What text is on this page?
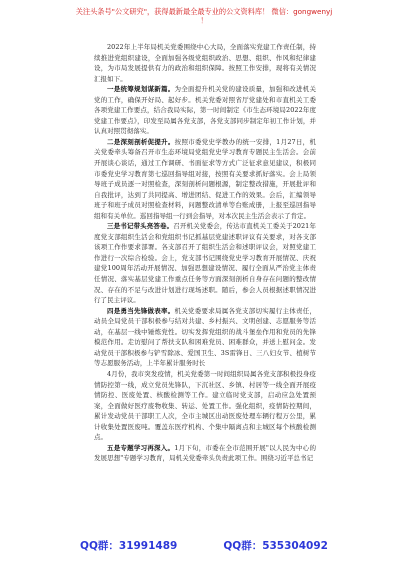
关注头条号"公文研究"，获得最新最全最专业的公文资料库！ 微信：gongwenyj
！

2022年上半年局机关党委围绕中心大局，全面落实党建工作责任制，持续推进党组织建设，全面加强各级党组织政治、思想、组织、作风和纪律建设，为市局发展提供有力的政治和组织保障。按照工作安排，现将有关情况汇报如下。

一是统筹规划谋新篇。为全面提升机关党的建设质量，加强和改进机关党的工作，确保开好局、起好步。机关党委对照省厅党建处和市直机关工委各项党建工作要点，结合我局实际，第一时间制定《市生态环境局2022年度党建工作要点》，印发至局属各党支部，各党支部同步制定年初工作计划，并认真对照贯彻落实。

二是深刻剖析促提升。按照市委党史学教办的统一安排，1月27日，机关党委牵头筹备召开市生态环境局党组党史学习教育专题民主生活会。会前开展谈心谈话，通过工作调研、书面征求等方式广泛征求意见建议，积极同市委党史学习教育第七巡回指导组对接，按照有关要求抓好落实。会上局领导班子成员逐一对照检查，深刻剖析问题根源，制定整改措施，开展批评和自我批评，达到了共同提高、增进团结、促进工作的效果。会后，汇编领导班子和班子成员对照检查材料，问题整改清单等台账成册，上报至巡回指导组和有关单位。巡回指导组一行到会指导，对本次民主生活会表示了肯定。

三是书记带头亮答卷。召开机关党委会，传达市直机关工委关于2021年度党支部组织生活会和党组织书记抓基层党建述职评议有关要求，对各支部该项工作作要求部署。各支部召开了组织生活会和述职评议会，对照党建工作进行一次综合检验。会上，党支部书记围绕党史学习教育开展情况、庆祝建党100周年活动开展情况、加强思想建设情况、履行全面从严治党主体责任情况、落实基层党建工作重点任务等方面深刻剖析自身存在问题的整改情况、存在的不足与改进计划进行现场述职。随后，参会人员根据述职情况进行了民主评议。

四是勇当先锋做表率。机关党委要求局属各党支部切实履行主体责任，动员全局党员干部积极参与结对共建、乡村振兴、文明创建、志愿服务等活动，在基层一线中锤炼党性。切实发挥党组织的战斗堡垒作用和党员的先锋模范作用。走访慰问了帮扶支队和困难党员、困难群众，并送上慰问金。发动党员干部积极参与铲雪除冰、爱国卫生、3S雷锋日、三八妇女节、植树节等志愿服务活动，上半年累计服务时长

4月份，我市突发疫情，机关党委第一时间组织局属各党支部积极投身疫情防控第一线，成立党员先锋队，下沉社区、乡镇、村居等一线全面开展疫情防控、医废处置、核酸检测等工作。建立临时党支部，启动应急处置预案，全面做好医疗废物收集、转运、处置工作。强化组织，疫情防控期间，累计发动党员干部职工人次，全市主城区出动医废处理车辆行程万公里，累计收集处置医废吨。覆盖东医疗机构、个集中隔离点和主城区每个核酸检测点。

五是专题学习再深入。1月下旬，市委在全市范围开展"以人民为中心的发展思想"专题学习教育，局机关党委牵头负责此项工作。围绕习近平总书记

QQ群：31991489	QQ群：535304092
